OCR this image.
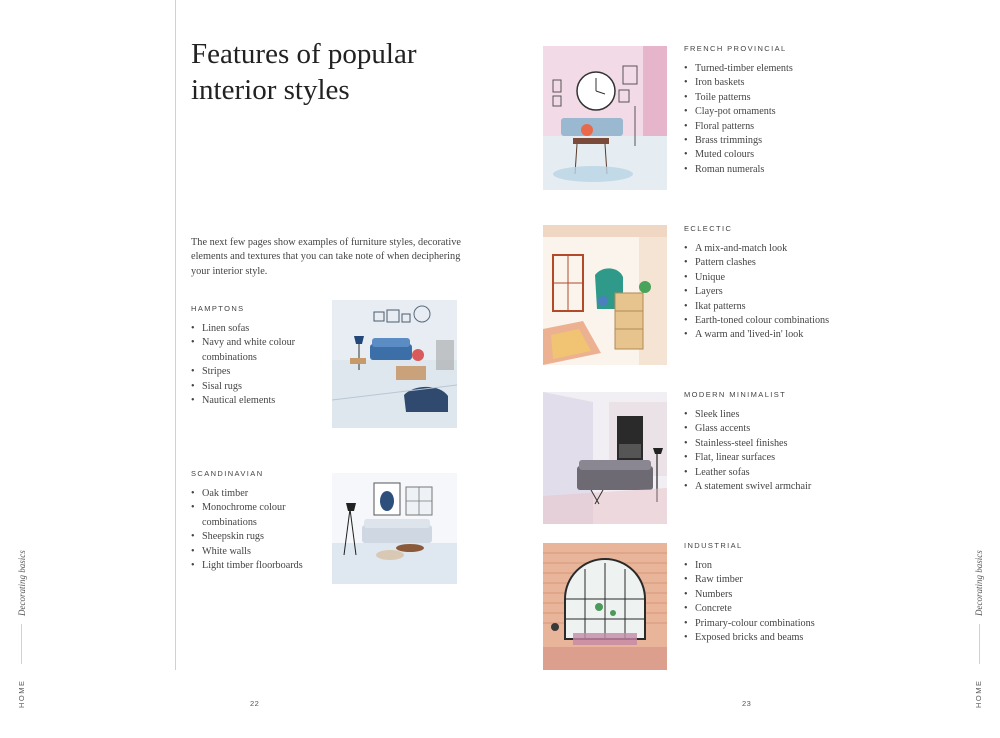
Decorating basics
HOME
Decorating basics
HOME
Features of popular
interior styles

The next few pages show examples of furniture styles, decorative elements and textures that you can take note of when deciphering your interior style.

HAMPTONS
• Linen sofas
• Navy and white colour combinations
• Stripes
• Sisal rugs
• Nautical elements
SCANDINAVIAN
• Oak timber
• Monochrome colour combinations
• Sheepskin rugs
• White walls
• Light timber floorboards
FRENCH PROVINCIAL
• Turned-timber elements
• Iron baskets
• Toile patterns
• Clay-pot ornaments
• Floral patterns
• Brass trimmings
• Muted colours
• Roman numerals
ECLECTIC
• A mix-and-match look
• Pattern clashes
• Unique
• Layers
• Ikat patterns
• Earth-toned colour combinations
• A warm and 'lived-in' look
MODERN MINIMALIST
• Sleek lines
• Glass accents
• Stainless-steel finishes
• Flat, linear surfaces
• Leather sofas
• A statement swivel armchair
INDUSTRIAL
• Iron
• Raw timber
• Numbers
• Concrete
• Primary-colour combinations
• Exposed bricks and beams
22	23
